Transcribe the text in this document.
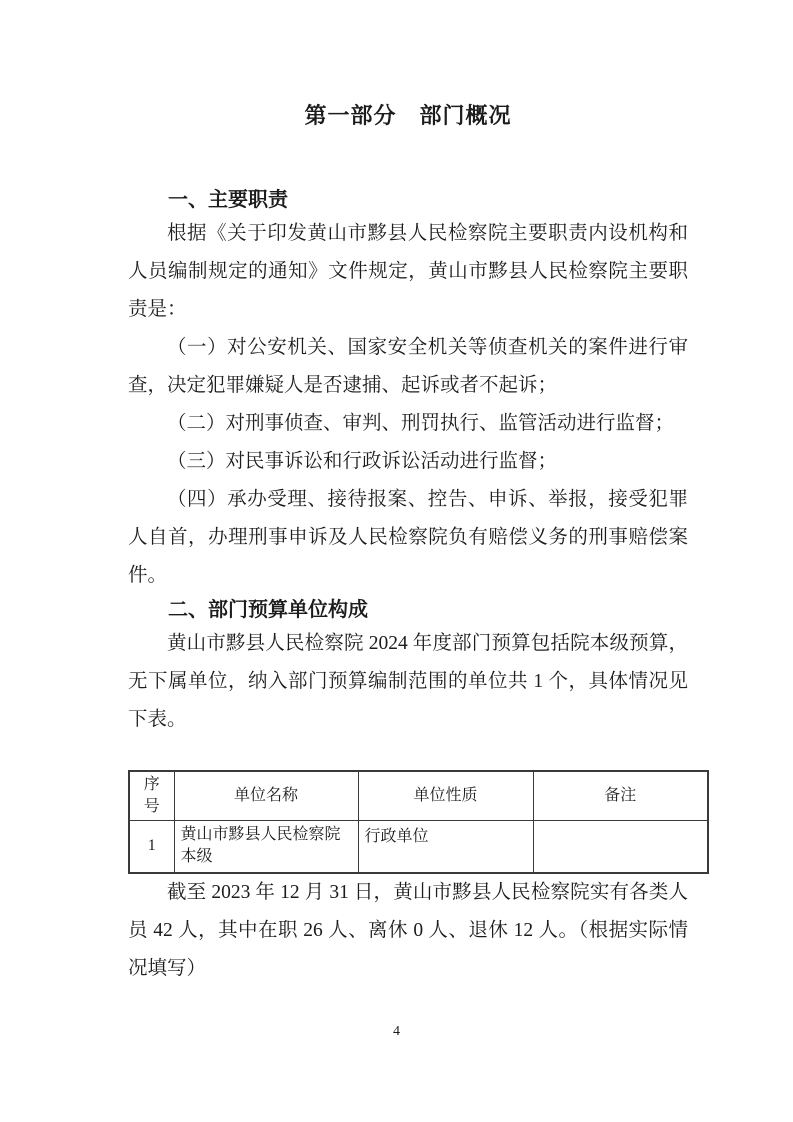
第一部分　部门概况
一、主要职责

根据《关于印发黄山市黟县人民检察院主要职责内设机构和人员编制规定的通知》文件规定，黄山市黟县人民检察院主要职责是：

（一）对公安机关、国家安全机关等侦查机关的案件进行审查，决定犯罪嫌疑人是否逮捕、起诉或者不起诉；

（二）对刑事侦查、审判、刑罚执行、监管活动进行监督；

（三）对民事诉讼和行政诉讼活动进行监督；

（四）承办受理、接待报案、控告、申诉、举报，接受犯罪人自首，办理刑事申诉及人民检察院负有赔偿义务的刑事赔偿案件。

二、部门预算单位构成

黄山市黟县人民检察院 2024 年度部门预算包括院本级预算，无下属单位，纳入部门预算编制范围的单位共 1 个，具体情况见下表。

序号	单位名称	单位性质	备注
1	黄山市黟县人民检察院本级	行政单位	

截至 2023 年 12 月 31 日，黄山市黟县人民检察院实有各类人员 42 人，其中在职 26 人、离休 0 人、退休 12 人。（根据实际情况填写）

4
